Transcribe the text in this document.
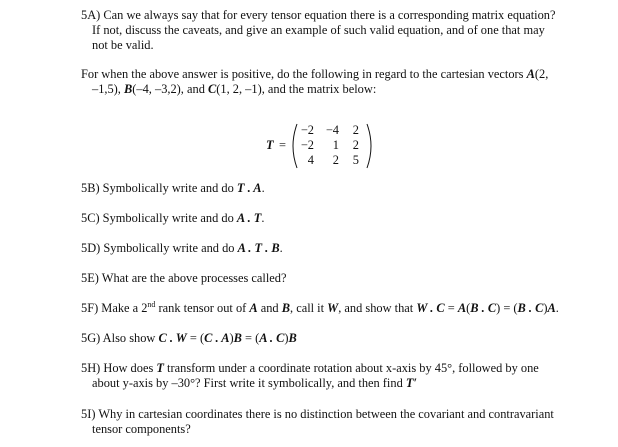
5A) Can we always say that for every tensor equation there is a corresponding matrix equation?
If not, discuss the caveats, and give an example of such valid equation, and of one that may
not be valid.

For when the above answer is positive, do the following in regard to the cartesian vectors A(2,
–1,5), B(–4, –3,2), and C(1, 2, –1), and the matrix below:

T =
−2 −4	2
−2	1	2
4	2	5

5B) Symbolically write and do T . A.

5C) Symbolically write and do A . T.

5D) Symbolically write and do A . T . B.

5E) What are the above processes called?

5F) Make a 2nd rank tensor out of A and B, call it W, and show that W . C = A(B . C) = (B . C)A.

5G) Also show C . W = (C . A)B = (A . C)B

5H) How does T transform under a coordinate rotation about x-axis by 45°, followed by one
about y-axis by –30°? First write it symbolically, and then find T′

5I) Why in cartesian coordinates there is no distinction between the covariant and contravariant
tensor components?
